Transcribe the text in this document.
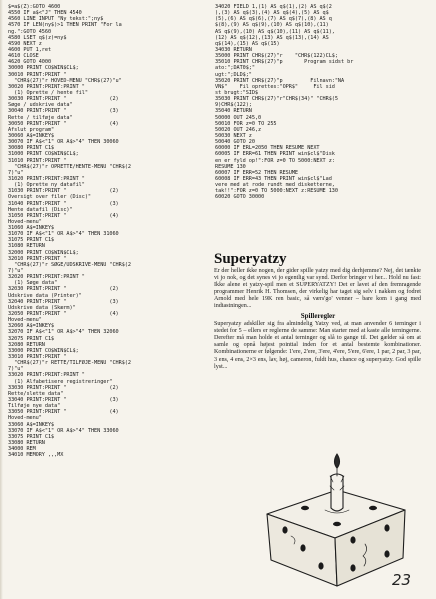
$=a$(Z):GOTO 4600
4550 IF a$<"J" THEN 4540
4560 LINE INPUT "Ny tekst:";ny$
4570 IF LEN(ny$)>1 THEN PRINT "For la
ng.":GOTO 4560
4580 LSET q$(z)=ny$
4590 NEXT z
4600 PUT 1,ret
4610 CLOSE
4620 GOTO 4000
30000 PRINT CO$WIN$CL$;
30010 PRINT:PRINT "
"CHR$(27)"r HOVED-MENU "CHR$(27)"u"
30020 PRINT:PRINT:PRINT "
(1) Oprette / hente fil"
30030 PRINT:PRINT "              (2)
Søge / udskrive data"
30040 PRINT:PRINT "              (3)
Rette / tilføje data"
30050 PRINT:PRINT "              (4)
Afslut program"
30060 A$=INKEY$
30070 IF A$<"1" OR A$>"4" THEN 30060
30080 PRINT C1$
31000 PRINT CO$WIN$CL$;
31010 PRINT:PRINT "
"CHR$(27)"r OPRETTE/HENTE-MENU "CHR$(2
7)"u"
31020 PRINT:PRINT:PRINT "
(1) Oprette ny datafil"
31030 PRINT:PRINT "              (2)
Oversigt over filer (Disc)"
31040 PRINT:PRINT "              (3)
Hente datafil (Disc)"
31050 PRINT:PRINT "              (4)
Hoved-menu"
31060 A$=INKEY$
31070 IF A$<"1" OR A$>"4" THEN 31060
31075 PRINT C1$
31080 RETURN
32000 PRINT CO$WIN$CL$;
32010 PRINT:PRINT "
"CHR$(27)"r SØGE/UDSKRIVE-MENU "CHR$(2
7)"u"
32020 PRINT:PRINT:PRINT "
(1) Søge data"
32030 PRINT:PRINT "              (2)
Udskrive data (Printer)"
32040 PRINT:PRINT "              (3)
Udskrive data (Skærm)"
32050 PRINT:PRINT "              (4)
Hoved-menu"
32060 A$=INKEY$
32070 IF A$<"1" OR A$>"4" THEN 32060
32075 PRINT C1$
32080 RETURN
33000 PRINT CO$WIN$CL$;
33010 PRINT:PRINT "
"CHR$(27)"r RETTE/TILFØJE-MENU "CHR$(2
7)"u"
33020 PRINT:PRINT:PRINT "
(1) Alfabetisere registreringer"
33030 PRINT:PRINT "              (2)
Rette/slette data"
33040 PRINT:PRINT "              (3)
Tilføje nye data"
33050 PRINT:PRINT "              (4)
Hoved-menu"
33060 A$=INKEY$
33070 IF A$<"1" OR A$>"4" THEN 33060
33075 PRINT C1$
33080 RETURN
34000 REM
34010 MEMORY ,,,MX
34020 FIELD 1,(1) AS q$(1),(2) AS q$(2
),(3) AS q$(3),(4) AS q$(4),(5) AS q$
(5),(6) AS q$(6),(7) AS q$(7),(8) AS q
$(8),(9) AS q$(9),(10) AS q$(10),(11)
AS q$(9),(10) AS q$(10),(11) AS q$(11),
(12) AS q$(12),(13) AS q$(13),(14) AS
q$(14),(15) AS q$(15)
34030 RETURN
35000 PRINT CHR$(27)"r    "CHR$(122)CL$;
35010 PRINT CHR$(27)"p       Program sidst br
ato:";DAT0$;"
ugt:";DLD$;"
35020 PRINT CHR$(27)"p         Filnavn:"NA
VN$"    Fil oprettes:"OPR$"     Fil sid
st brugt:"SID$
35030 PRINT CHR$(27)"r"CHR$(34)" "CHR$(5
9)CHR$(122);
35040 RETURN
50000 OUT 245,0
50010 FOR z=0 TO 255
50020 OUT 246,z
50030 NEXT z
50040 GOTO 20
60000 IF ERL=2050 THEN RESUME NEXT
60005 IF ERR=61 THEN PRINT win$cl$"Disk
en er fyld op!":FOR z=0 TO 5000:NEXT z:
RESUME 130
60007 IF ERR=52 THEN RESUME
60008 IF ERR=43 THEN PRINT win$cl$"Lad
vere med at rode rundt med disketterne,
tak!!":FOR z=0 TO 5000:NEXT z:RESUME 130
60020 GOTO 30000
Superyatzy

Er der heller ikke nogen, der gider spille yatzy med dig derhjemme? Nej, det tænkte vi jo nok, og det synes vi jo egentlig var synd. Derfor bringer vi her... Hold nu fast: Ikke alene et yatzy-spil men et SUPERYATZY! Det er lavet af den fremragende programmer Henrik H. Thomsen, der virkelig har taget sig selv i nakken og fodret Arnold med hele 19K ren basic, så værs'go' venner – bare kom i gang med indtastningen...

Spilleregler

Superyatzy adskiller sig fra almindelig Yatzy ved, at man anvender 6 terninger i stedet for 5 – ellers er reglerne de samme: Man starter med at kaste alle terningerne. Derefter må man holde et antal terninger og slå to gange til. Det gælder så om at samle og opnå højest pointtal inden for et antal bestemte kombinationer. Kombinationerne er følgende: 1'ere, 2'ere, 3'ere, 4'ere, 5'ere, 6'ere, 1 par, 2 par, 3 par, 3 ens, 4 ens, 2×3 ens, lav, høj, cameron, fuldt hus, chance og superyatzy. God spille lyst...

23
